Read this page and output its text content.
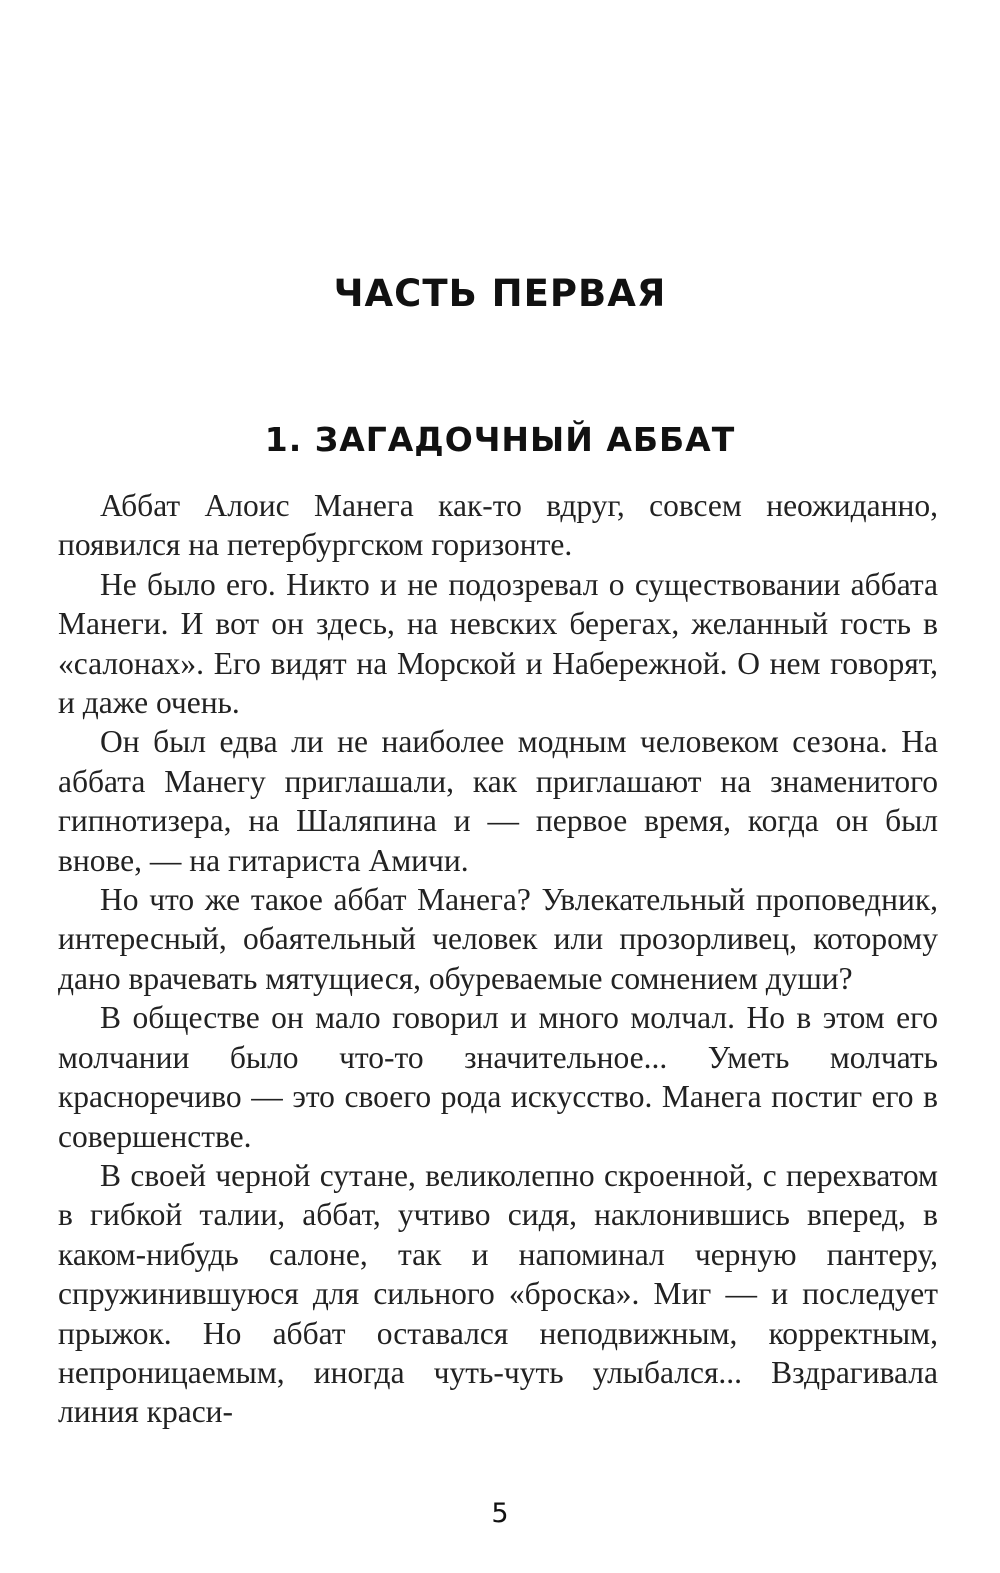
ЧАСТЬ ПЕРВАЯ
1. ЗАГАДОЧНЫЙ АББАТ

Аббат Алоис Манега как-то вдруг, совсем неожиданно, появился на петербургском горизонте.

Не было его. Никто и не подозревал о существовании аббата Манеги. И вот он здесь, на невских берегах, желанный гость в «салонах». Его видят на Морской и Набережной. О нем говорят, и даже очень.

Он был едва ли не наиболее модным человеком сезона. На аббата Манегу приглашали, как приглашают на знаменитого гипнотизера, на Шаляпина и — первое время, когда он был внове, — на гитариста Амичи.

Но что же такое аббат Манега? Увлекательный проповедник, интересный, обаятельный человек или прозорливец, которому дано врачевать мятущиеся, обуреваемые сомнением души?

В обществе он мало говорил и много молчал. Но в этом его молчании было что-то значительное... Уметь молчать красноречиво — это своего рода искусство. Манега постиг его в совершенстве.

В своей черной сутане, великолепно скроенной, с перехватом в гибкой талии, аббат, учтиво сидя, наклонившись вперед, в каком-нибудь салоне, так и напоминал черную пантеру, спружинившуюся для сильного «броска». Миг — и последует прыжок. Но аббат оставался неподвижным, корректным, непроницаемым, иногда чуть-чуть улыбался... Вздрагивала линия краси-

5
